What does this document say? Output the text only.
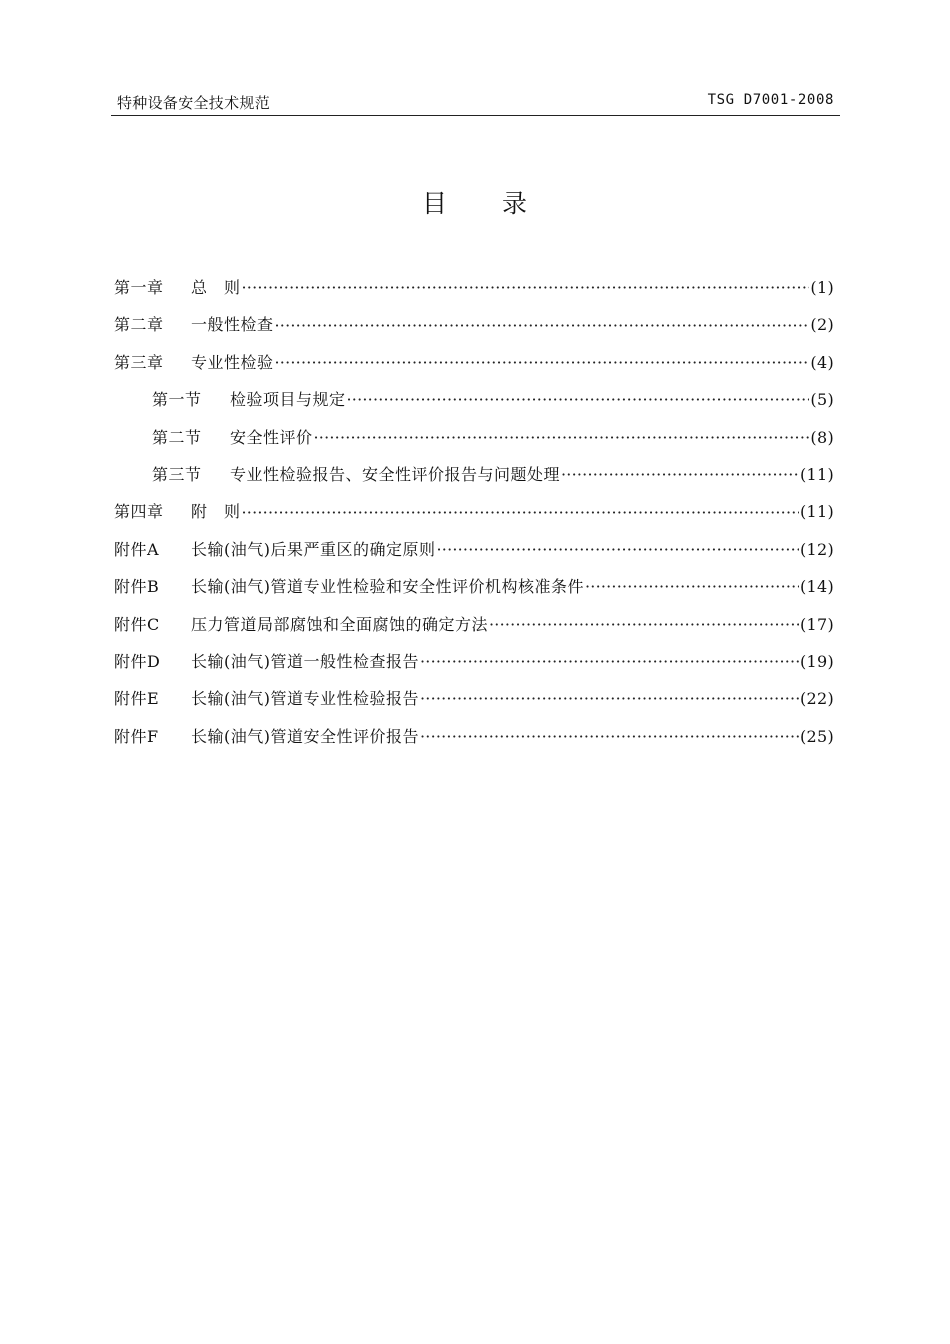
特种设备安全技术规范	TSG D7001-2008
目 录
第一章	总　则 ·····	(1)
第二章	一般性检查 ·····	(2)
第三章	专业性检验 ·····	(4)
第一节	检验项目与规定 ·····	(5)
第二节	安全性评价 ·····	(8)
第三节	专业性检验报告、安全性评价报告与问题处理 ·····	(11)
第四章	附　则 ·····	(11)
附件A	长输(油气)后果严重区的确定原则 ·····	(12)
附件B	长输(油气)管道专业性检验和安全性评价机构核准条件 ·····	(14)
附件C	压力管道局部腐蚀和全面腐蚀的确定方法 ·····	(17)
附件D	长输(油气)管道一般性检查报告 ·····	(19)
附件E	长输(油气)管道专业性检验报告 ·····	(22)
附件F	长输(油气)管道安全性评价报告 ·····	(25)
